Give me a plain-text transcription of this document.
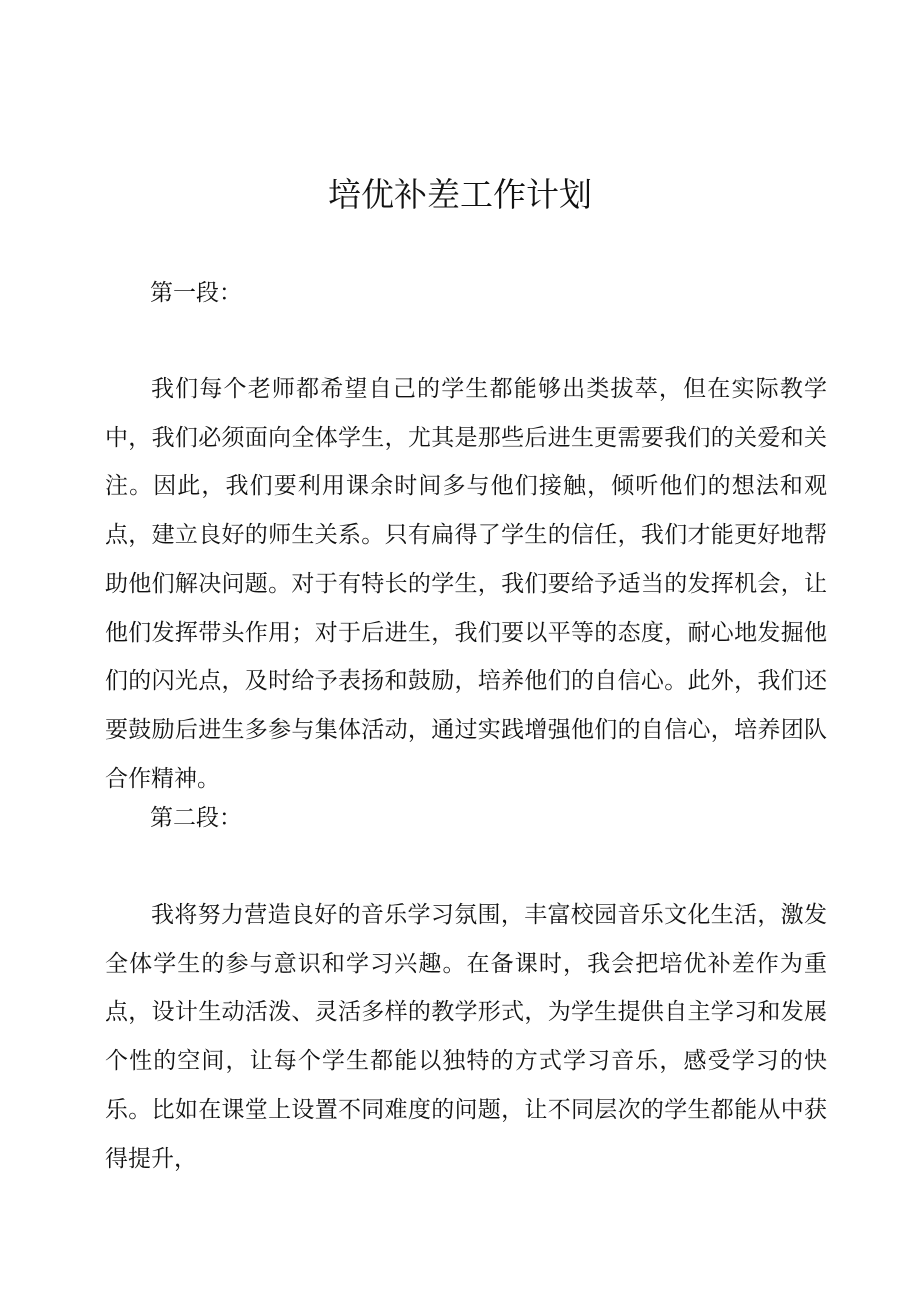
培优补差工作计划

第一段：

我们每个老师都希望自己的学生都能够出类拔萃，但在实际教学中，我们必须面向全体学生，尤其是那些后进生更需要我们的关爱和关注。因此，我们要利用课余时间多与他们接触，倾听他们的想法和观点，建立良好的师生关系。只有扁得了学生的信任，我们才能更好地帮助他们解决问题。对于有特长的学生，我们要给予适当的发挥机会，让他们发挥带头作用；对于后进生，我们要以平等的态度，耐心地发掘他们的闪光点，及时给予表扬和鼓励，培养他们的自信心。此外，我们还要鼓励后进生多参与集体活动，通过实践增强他们的自信心，培养团队合作精神。

第二段：

我将努力营造良好的音乐学习氛围，丰富校园音乐文化生活，激发全体学生的参与意识和学习兴趣。在备课时，我会把培优补差作为重点，设计生动活泼、灵活多样的教学形式，为学生提供自主学习和发展个性的空间，让每个学生都能以独特的方式学习音乐，感受学习的快乐。比如在课堂上设置不同难度的问题，让不同层次的学生都能从中获得提升，
